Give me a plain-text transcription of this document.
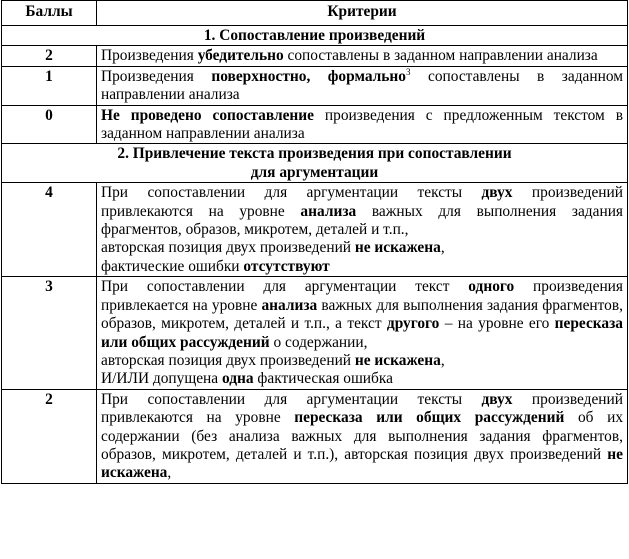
Баллы	Критерии
1. Сопоставление произведений	
2	Произведения убедительно сопоставлены в заданном направлении анализа
1	Произведения поверхностно, формально$^3$ сопоставлены в заданном направлении анализа
0	Не проведено сопоставление произведения с предложенным текстом в заданном направлении анализа

2. Привлечение текста произведения при сопоставлении
для аргументации	

4	При сопоставлении для аргументации тексты двух произведений привлекаются на уровне анализа важных для выполнения задания фрагментов, образов, микротем, деталей и т.п.,
авторская позиция двух произведений не искажена,
фактические ошибки отсутствуют

3	При сопоставлении для аргументации текст одного произведения привлекается на уровне анализа важных для выполнения задания фрагментов, образов, микротем, деталей и т.п., а текст другого – на уровне его пересказа или общих рассуждений о содержании,
авторская позиция двух произведений не искажена,
И/ИЛИ допущена одна фактическая ошибка

2	При сопоставлении для аргументации тексты двух произведений привлекаются на уровне пересказа или общих рассуждений об их содержании (без анализа важных для выполнения задания фрагментов, образов, микротем, деталей и т.п.), авторская позиция двух произведений не искажена,
